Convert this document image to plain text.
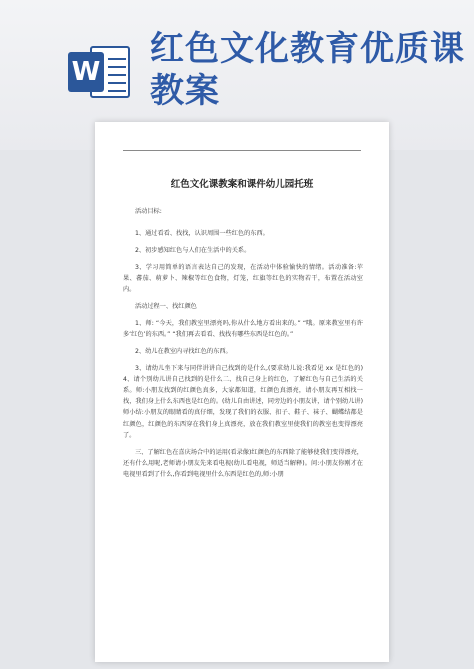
W
红色文化教育优质课教案
红色文化课教案和课件幼儿园托班

活动目标:

1、通过看看、找找，认识周围一些红色的东西。

2、初步感知红色与人们在生活中的关系。

3、学习用简单的语言表达自己的发现，在活动中体验愉快的情绪。活动准备:苹果、蕃茄、萌萝卜、辣椒等红色食物，灯笼，红旗等红色的实物若干，布置在活动室内。

活动过程一、找红颜色

1、师: “今天，我们教室里漂亮吗,你从什么地方看出来的。” “哦。原来教室里有许多‘红色’的东西。” “我们再去看看、找找有哪些东西是红色的。”

2、幼儿在教室内寻找红色的东西。

3、请幼儿坐下来与同伴讲讲自己找到的是什么,(要求幼儿说:我看见 xx 是红色的)4、请个别幼儿讲自己找到的是什么二、找自己身上的红色，了解红色与自己生活的关系。师:小朋友找到的红颜色真多，大家都知道，红颜色真漂亮，请小朋友再互相找一找，我们身上什么东西也是红色的。(幼儿自由讲述，同旁边的小朋友讲，请个别幼儿讲)师小结:小朋友的眼睛看的真仔细，发现了我们的衣服、扣子、鞋子、袜子、蝴蝶结都是红颜色，红颜色的东西穿在我们身上真漂亮，放在我们教室里使我们的教室也变得漂亮了。

三、了解红色在喜庆场合中的运用(看录像)红颜色的东西除了能够使我们变得漂亮，还有什么用呢,老师请小朋友先来看电视(幼儿看电视，师适当解释)。问:小朋友你刚才在电视里看到了什么,你看到电视里什么东西是红色的,师:小朋
